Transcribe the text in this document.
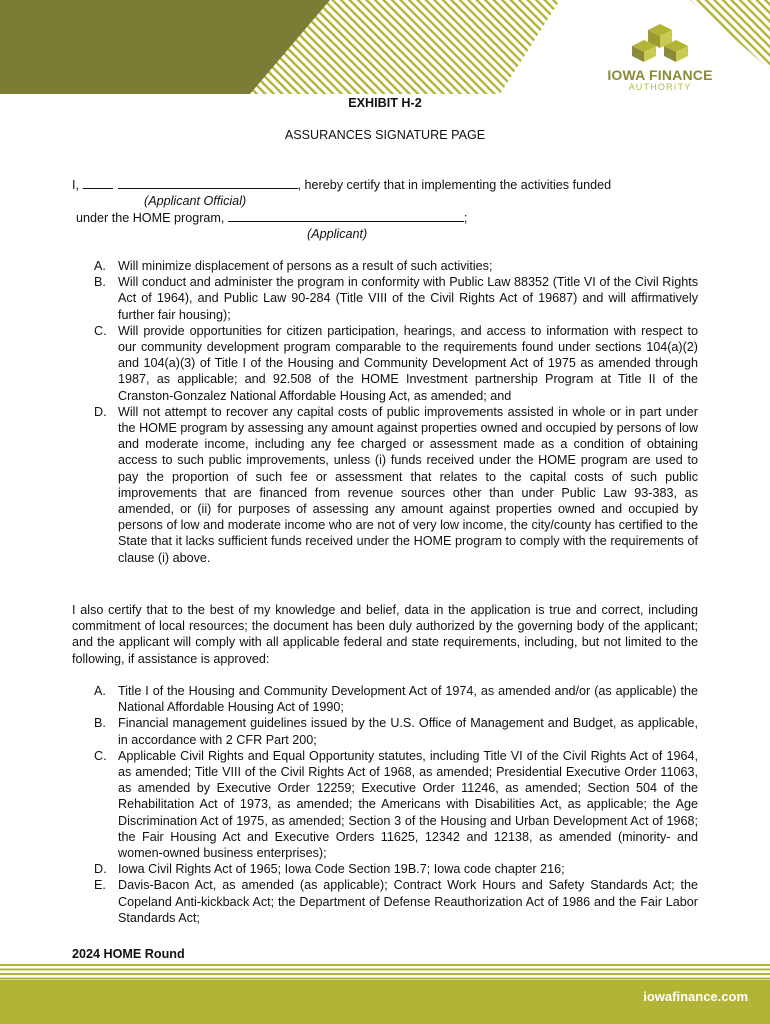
IOWA FINANCE
AUTHORITY
EXHIBIT H-2
ASSURANCES SIGNATURE PAGE
I,	, hereby certify that in implementing the activities funded
(Applicant Official)
under the HOME program,	;
(Applicant)
A. Will minimize displacement of persons as a result of such activities;
B. Will conduct and administer the program in conformity with Public Law 88352 (Title VI of the Civil Rights Act of 1964), and Public Law 90-284 (Title VIII of the Civil Rights Act of 19687) and will affirmatively further fair housing);
C. Will provide opportunities for citizen participation, hearings, and access to information with respect to our community development program comparable to the requirements found under sections 104(a)(2) and 104(a)(3) of Title I of the Housing and Community Development Act of 1975 as amended through 1987, as applicable; and 92.508 of the HOME Investment partnership Program at Title II of the Cranston-Gonzalez National Affordable Housing Act, as amended; and
D. Will not attempt to recover any capital costs of public improvements assisted in whole or in part under the HOME program by assessing any amount against properties owned and occupied by persons of low and moderate income, including any fee charged or assessment made as a condition of obtaining access to such public improvements, unless (i) funds received under the HOME program are used to pay the proportion of such fee or assessment that relates to the capital costs of such public improvements that are financed from revenue sources other than under Public Law 93-383, as amended, or (ii) for purposes of assessing any amount against properties owned and occupied by persons of low and moderate income who are not of very low income, the city/county has certified to the State that it lacks sufficient funds received under the HOME program to comply with the requirements of clause (i) above.
I also certify that to the best of my knowledge and belief, data in the application is true and correct, including commitment of local resources; the document has been duly authorized by the governing body of the applicant; and the applicant will comply with all applicable federal and state requirements, including, but not limited to the following, if assistance is approved:
A. Title I of the Housing and Community Development Act of 1974, as amended and/or (as applicable) the National Affordable Housing Act of 1990;
B. Financial management guidelines issued by the U.S. Office of Management and Budget, as applicable, in accordance with 2 CFR Part 200;
C. Applicable Civil Rights and Equal Opportunity statutes, including Title VI of the Civil Rights Act of 1964, as amended; Title VIII of the Civil Rights Act of 1968, as amended; Presidential Executive Order 11063, as amended by Executive Order 12259; Executive Order 11246, as amended; Section 504 of the Rehabilitation Act of 1973, as amended; the Americans with Disabilities Act, as applicable; the Age Discrimination Act of 1975, as amended; Section 3 of the Housing and Urban Development Act of 1968; the Fair Housing Act and Executive Orders 11625, 12342 and 12138, as amended (minority- and women-owned business enterprises);
D. Iowa Civil Rights Act of 1965; Iowa Code Section 19B.7; Iowa code chapter 216;
E. Davis-Bacon Act, as amended (as applicable); Contract Work Hours and Safety Standards Act; the Copeland Anti-kickback Act; the Department of Defense Reauthorization Act of 1986 and the Fair Labor Standards Act;
2024 HOME Round
iowafinance.com
